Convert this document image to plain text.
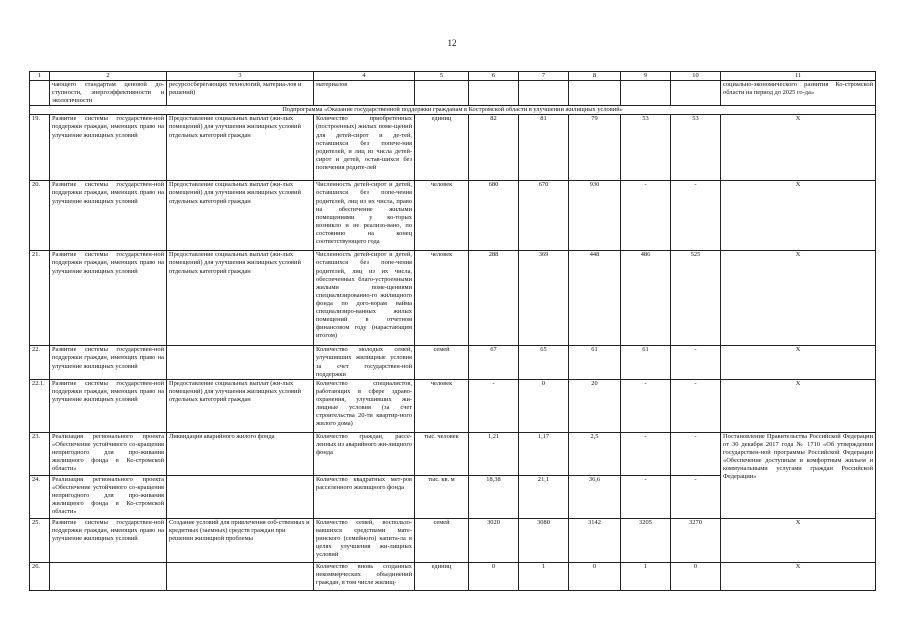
12
1	2	3	4	5	6	7	8	9	10	11
	чающего стандартам ценовой до-ступности, энергоэффективности и экологичности	ресурсосберегающих технологий, материа-лов и решений)	материалов							социально-экономического развития Ко-стромской области на период до 2025 го-да»
Подпрограмма «Оказание государственной поддержки гражданам в Костромской области в улучшении жилищных условий»										
19.	Развитие системы государствен-ной поддержки граждан, имеющих право на улучшение жилищных условий	Предоставление социальных выплат (жи-лых помещений) для улучшения жилищных условий отдельных категорий граждан	Количество приобретенных (построенных) жилых поме-щений для детей-сирот и де-тей, оставшихся без попече-ния родителей, и лиц из числа детей-сирот и детей, остав-шихся без попечения родите-лей	единиц	82	81	79	53	53	Х
20.	Развитие системы государствен-ной поддержки граждан, имеющих право на улучшение жилищных условий	Предоставление социальных выплат (жи-лых помещений) для улучшения жилищных условий отдельных категорий граждан	Численность детей-сирот и детей, оставшихся без попе-чения родителей, лиц из их числа, право на обеспечение жилыми помещениями у ко-торых возникло и не реализо-вано, по состоянию на конец соответствующего года	человек	680	670	930	-	-	Х
21.	Развитие системы государствен-ной поддержки граждан, имеющих право на улучшение жилищных условий	Предоставление социальных выплат (жи-лых помещений) для улучшения жилищных условий отдельных категорий граждан	Численность детей-сирот и детей, оставшихся без попе-чения родителей, лиц из их числа, обеспеченных благо-устроенными жилыми поме-щениями специализированно-го жилищного фонда по дого-ворам найма специализиро-ванных жилых помещений в отчетном финансовом году (нарастающим итогом)	человек	288	369	448	486	525	Х
22.	Развитие системы государствен-ной поддержки граждан, имеющих право на улучшение жилищных условий		Количество молодых семей, улучшивших жилищные условия за счет государствен-ной поддержки	семей	67	65	61	61	-	Х
22.1.	Развитие системы государствен-ной поддержки граждан, имеющих право на улучшение жилищных условий	Предоставление социальных выплат (жи-лых помещений) для улучшения жилищных условий отдельных категорий граждан	Количество специалистов, работающих в сфере здраво-охранения, улучшивших жи-лищные условия (за счет строительства 20-ти квартир-ного жилого дома)	человек	-	0	20	-	-	Х
23.	Реализация регионального проекта «Обеспечение устойчивого со-кращения непригодного для про-живания жилищного фонда в Ко-стромской области»	Ликвидация аварийного жилого фонда	Количество граждан, рассе-ленных из аварийного жи-лищного фонда	тыс. человек	1,21	1,17	2,5	-	-	Постановление Правительства Российской Федерации от 30 декабря 2017 года № 1710 «Об утверждении государствен-ной программы Российской Федерации «Обеспечение доступным и комфортным жильем и коммунальными услугами граждан Российской Федерации»
24.	Реализация регионального проекта «Обеспечение устойчивого со-кращения непригодного для про-живания жилищного фонда в Ко-стромской области»		Количество квадратных мет-ров расселенного жилищного фонда	тыс. кв. м	18,38	21,1	36,6	-	-	
25.	Развитие системы государствен-ной поддержки граждан, имеющих право на улучшение жилищных условий	Создание условий для привлечения соб-ственных и кредитных (заемных) средств граждан при решении жилищной проблемы	Количество семей, воспользо-вавшихся средствами мате-ринского (семейного) капита-ла в целях улучшения жи-лищных условий	семей	3020	3080	3142	3205	3270	Х
26.			Количество вновь созданных некоммерческих объединений граждан, в том числе жилищ-	единиц	0	1	0	1	0	Х
